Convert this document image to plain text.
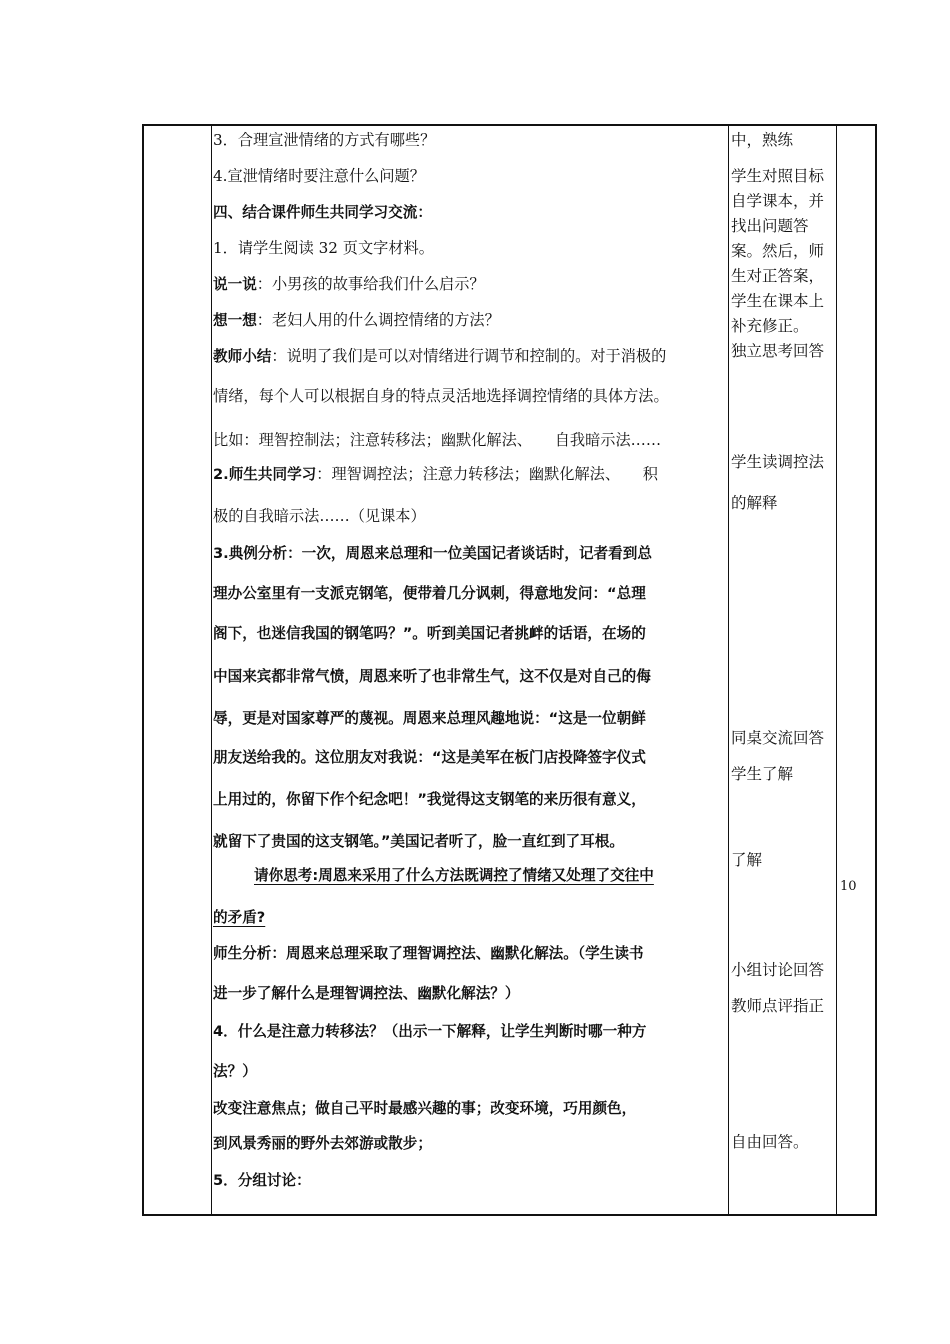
3．合理宣泄情绪的方式有哪些？
4.宣泄情绪时要注意什么问题？
四、结合课件师生共同学习交流：
1．请学生阅读 32 页文字材料。
说一说：小男孩的故事给我们什么启示？
想一想：老妇人用的什么调控情绪的方法？
教师小结：说明了我们是可以对情绪进行调节和控制的。对于消极的
情绪，每个人可以根据自身的特点灵活地选择调控情绪的具体方法。
比如：理智控制法；注意转移法；幽默化解法、　　自我暗示法……
2.师生共同学习：理智调控法；注意力转移法；幽默化解法、　　积
极的自我暗示法……（见课本）
3.典例分析：一次，周恩来总理和一位美国记者谈话时，记者看到总
理办公室里有一支派克钢笔，便带着几分讽刺，得意地发问：“总理
阁下，也迷信我国的钢笔吗？”。听到美国记者挑衅的话语，在场的
中国来宾都非常气愤，周恩来听了也非常生气，这不仅是对自己的侮
辱，更是对国家尊严的蔑视。周恩来总理风趣地说：“这是一位朝鲜
朋友送给我的。这位朋友对我说：“这是美军在板门店投降签字仪式
上用过的，你留下作个纪念吧！”我觉得这支钢笔的来历很有意义，
就留下了贵国的这支钢笔。”美国记者听了，脸一直红到了耳根。
请你思考:周恩来采用了什么方法既调控了情绪又处理了交往中
的矛盾?
师生分析：周恩来总理采取了理智调控法、幽默化解法。（学生读书
进一步了解什么是理智调控法、幽默化解法？）
4．什么是注意力转移法？（出示一下解释，让学生判断时哪一种方
法？）
改变注意焦点；做自己平时最感兴趣的事；改变环境，巧用颜色，
到风景秀丽的野外去郊游或散步；
5．分组讨论：
中，熟练
学生对照目标
自学课本，并
找出问题答
案。然后，师
生对正答案，
学生在课本上
补充修正。
独立思考回答
学生读调控法
的解释
同桌交流回答
学生了解
了解
小组讨论回答
教师点评指正
自由回答。
10
